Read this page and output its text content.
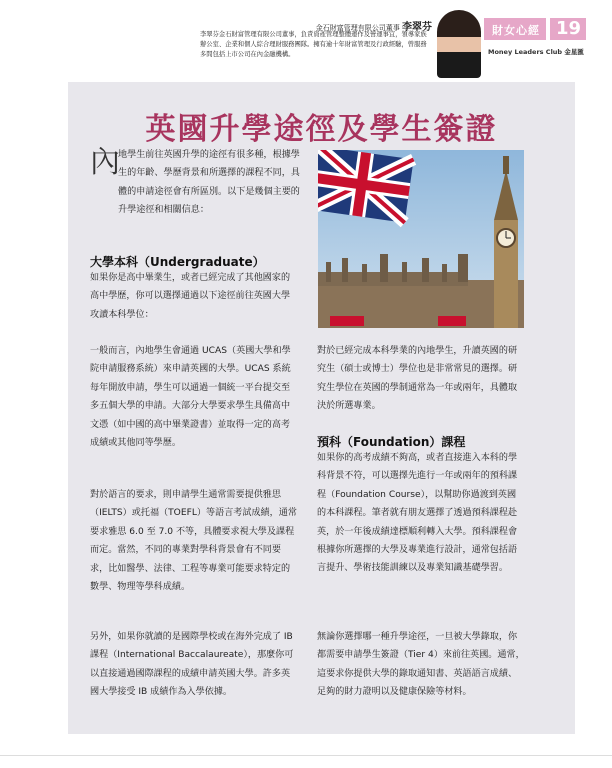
金石財富管理有限公司董事 李翠芬
李翠芬金石財富管理有限公司董事，負責資產管理整體運作及營運事宜，領導家族辦公室、企業和個人綜合理財服務團隊。擁有逾十年財富管理及行政經驗，曾服務多間包括上市公司在內金融機構。
財女心經 19
Money Leaders Club 金星匯
英國升學途徑及學生簽證
內
地學生前往英國升學的途徑有很多種，根據學生的年齡、學歷背景和所選擇的課程不同，具體的申請途徑會有所區別。以下是幾個主要的升學途徑和相關信息：
大學本科（Undergraduate）
如果你是高中畢業生，或者已經完成了其他國家的高中學歷，你可以選擇通過以下途徑前往英國大學攻讀本科學位：
一般而言，內地學生會通過 UCAS（英國大學和學院申請服務系統）來申請英國的大學。UCAS 系統每年開放申請，學生可以通過一個統一平台提交至多五個大學的申請。大部分大學要求學生具備高中文憑（如中國的高中畢業證書）並取得一定的高考成績或其他同等學歷。
對於語言的要求，則申請學生通常需要提供雅思（IELTS）或托福（TOEFL）等語言考試成績，通常要求雅思 6.0 至 7.0 不等，具體要求視大學及課程而定。當然，不同的專業對學科背景會有不同要求，比如醫學、法律、工程等專業可能要求特定的數學、物理等學科成績。
另外，如果你就讀的是國際學校或在海外完成了 IB 課程（International Baccalaureate），那麼你可以直接通過國際課程的成績申請英國大學。許多英國大學接受 IB 成績作為入學依據。
對於已經完成本科學業的內地學生，升讀英國的研究生（碩士或博士）學位也是非常常見的選擇。研究生學位在英國的學制通常為一年或兩年，具體取決於所選專業。
預科（Foundation）課程
如果你的高考成績不夠高，或者直接進入本科的學科背景不符，可以選擇先進行一年或兩年的預科課程（Foundation Course），以幫助你過渡到英國的本科課程。筆者就有朋友選擇了透過預科課程赴英，於一年後成績達標順利轉入大學。預科課程會根據你所選擇的大學及專業進行設計，通常包括語言提升、學術技能訓練以及專業知識基礎學習。
無論你選擇哪一種升學途徑，一旦被大學錄取，你都需要申請學生簽證（Tier 4）來前往英國。通常，這要求你提供大學的錄取通知書、英語語言成績、足夠的財力證明以及健康保險等材料。
